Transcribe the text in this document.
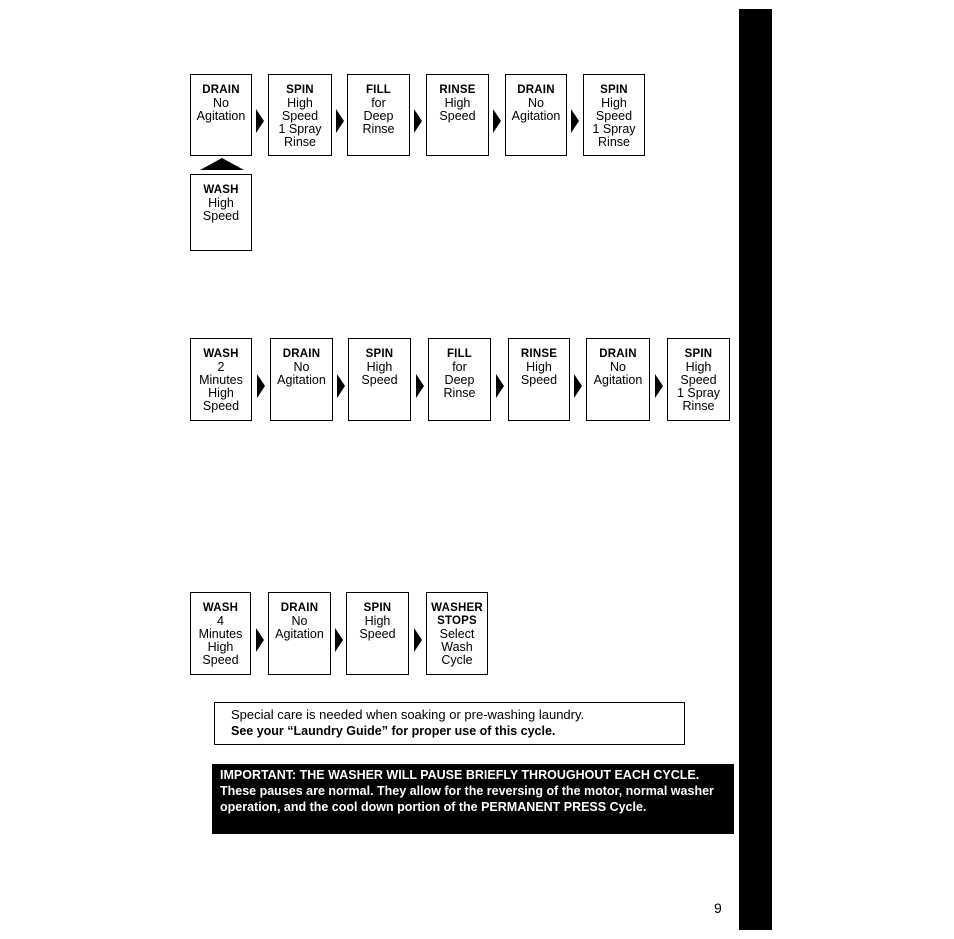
OPERATING INSTRUCTIONS
DRAIN
No
Agitation
SPIN
High
Speed
1 Spray
Rinse
FILL
for
Deep
Rinse
RINSE
High
Speed
DRAIN
No
Agitation
SPIN
High
Speed
1 Spray
Rinse
WASH
High
Speed
WASH
2
Minutes
High
Speed
DRAIN
No
Agitation
SPIN
High
Speed
FILL
for
Deep
Rinse
RINSE
High
Speed
DRAIN
No
Agitation
SPIN
High
Speed
1 Spray
Rinse
WASH
4
Minutes
High
Speed
DRAIN
No
Agitation
SPIN
High
Speed
WASHER STOPS
Select
Wash
Cycle
Special care is needed when soaking or pre-washing laundry.
See your “Laundry Guide” for proper use of this cycle.
IMPORTANT: THE WASHER WILL PAUSE BRIEFLY THROUGHOUT EACH CYCLE. These pauses are normal. They allow for the reversing of the motor, normal washer operation, and the cool down portion of the PERMANENT PRESS Cycle.
9
